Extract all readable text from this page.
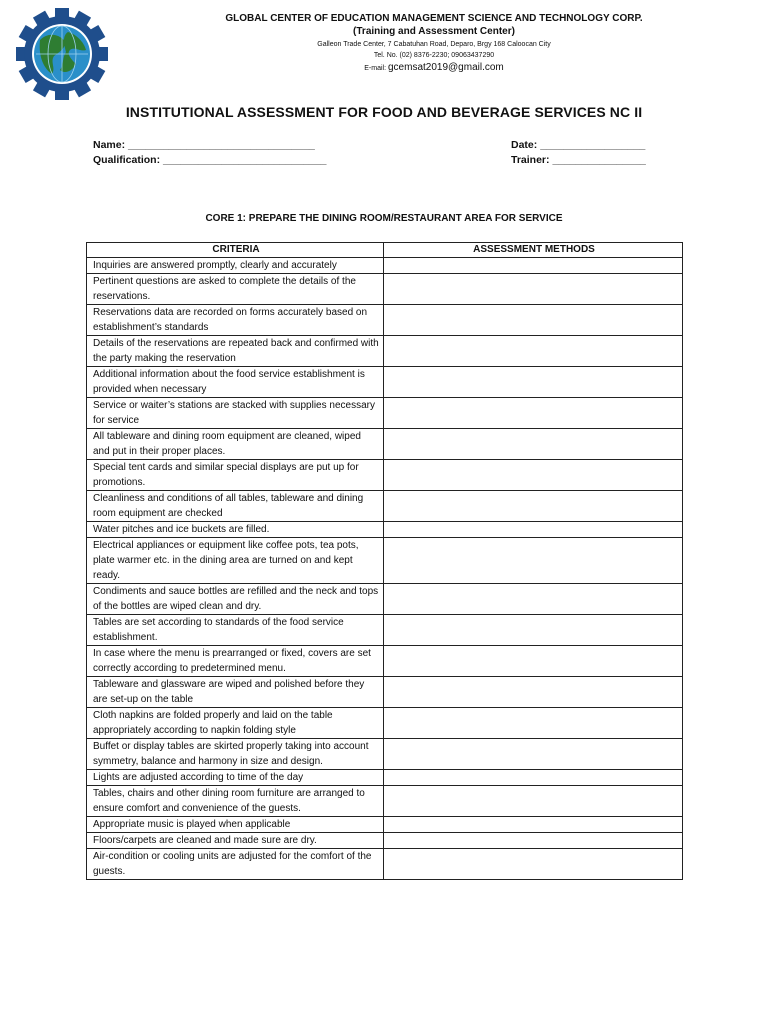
GLOBAL CENTER OF EDUCATION MANAGEMENT SCIENCE AND TECHNOLOGY CORP.
(Training and Assessment Center)
Galleon Trade Center, 7 Cabatuhan Road, Deparo, Brgy 168 Caloocan City
Tel. No. (02) 8376-2230; 09063437290
E-mail: gcemsat2019@gmail.com
INSTITUTIONAL ASSESSMENT FOR FOOD AND BEVERAGE SERVICES NC II
Name: ________________________________
Qualification: ____________________________
Date: __________________
Trainer: ________________
CORE 1: PREPARE THE DINING ROOM/RESTAURANT AREA FOR SERVICE
CRITERIA	ASSESSMENT METHODS
Inquiries are answered promptly, clearly and accurately	
Pertinent questions are asked to complete the details of the reservations.	
Reservations data are recorded on forms accurately based on establishment’s standards	
Details of the reservations are repeated back and confirmed with the party making the reservation	
Additional information about the food service establishment is provided when necessary	
Service or waiter’s stations are stacked with supplies necessary for service	
All tableware and dining room equipment are cleaned, wiped and put in their proper places.	
Special tent cards and similar special displays are put up for promotions.	
Cleanliness and conditions of all tables, tableware and dining room equipment are checked	
Water pitches and ice buckets are filled.	
Electrical appliances or equipment like coffee pots, tea pots, plate warmer etc. in the dining area are turned on and kept ready.	
Condiments and sauce bottles are refilled and the neck and tops of the bottles are wiped clean and dry.	
Tables are set according to standards of the food service establishment.	
In case where the menu is prearranged or fixed, covers are set correctly according to predetermined menu.	
Tableware and glassware are wiped and polished before they are set-up on the table	
Cloth napkins are folded properly and laid on the table appropriately according to napkin folding style	
Buffet or display tables are skirted properly taking into account symmetry, balance and harmony in size and design.	
Lights are adjusted according to time of the day	
Tables, chairs and other dining room furniture are arranged to ensure comfort and convenience of the guests.	
Appropriate music is played when applicable	
Floors/carpets are cleaned and made sure are dry.	
Air-condition or cooling units are adjusted for the comfort of the guests.	
